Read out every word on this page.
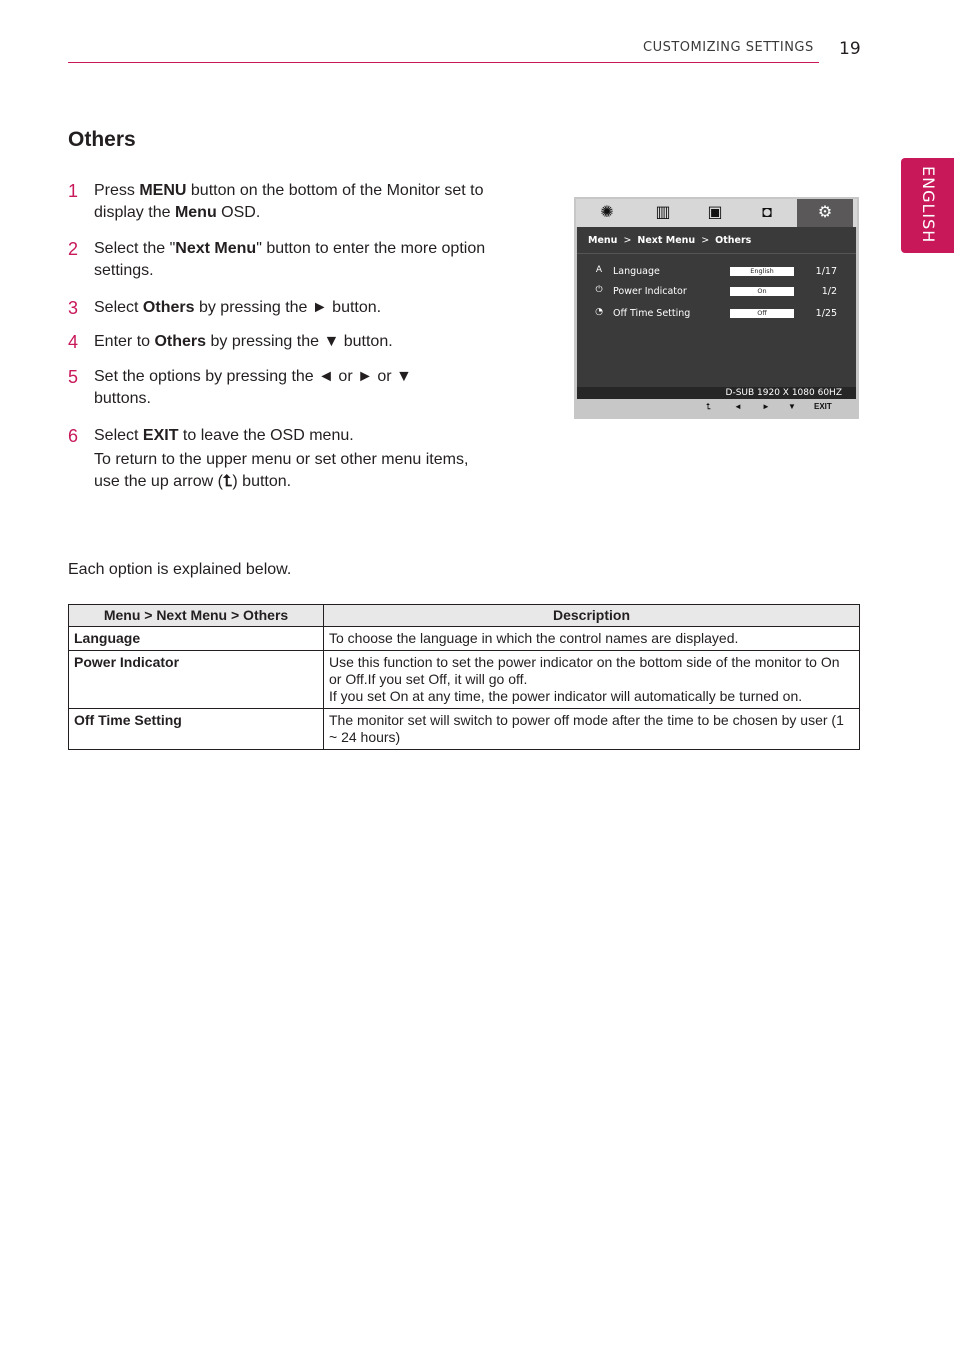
CUSTOMIZING SETTINGS 19
ENGLISH
Others
1 Press MENU button on the bottom of the Monitor set to display the Menu OSD.
2 Select the "Next Menu" button to enter the more option settings.
3 Select Others by pressing the ► button.
4 Enter to Others by pressing the ▼ button.
5 Set the options by pressing the ◄ or ► or ▼ buttons.
6 Select EXIT to leave the OSD menu.
To return to the upper menu or set other menu items, use the up arrow (⮤) button.
✺	▥	▣	◘	⚙
Menu > Next Menu > Others
A Language	English	1/17
⏻ Power Indicator	On	1/2
◔ Off Time Setting	Off	1/25
D-SUB 1920 X 1080 60HZ
⮤	◄	► ▼ EXIT

Each option is explained below.

Menu > Next Menu > Others	Description
Language	To choose the language in which the control names are displayed.
Power Indicator	Use this function to set the power indicator on the bottom side of the monitor to On or Off.If you set Off, it will go off.
If you set On at any time, the power indicator will automatically be turned on.

Off Time Setting	The monitor set will switch to power off mode after the time to be chosen by user (1 ~ 24 hours)
